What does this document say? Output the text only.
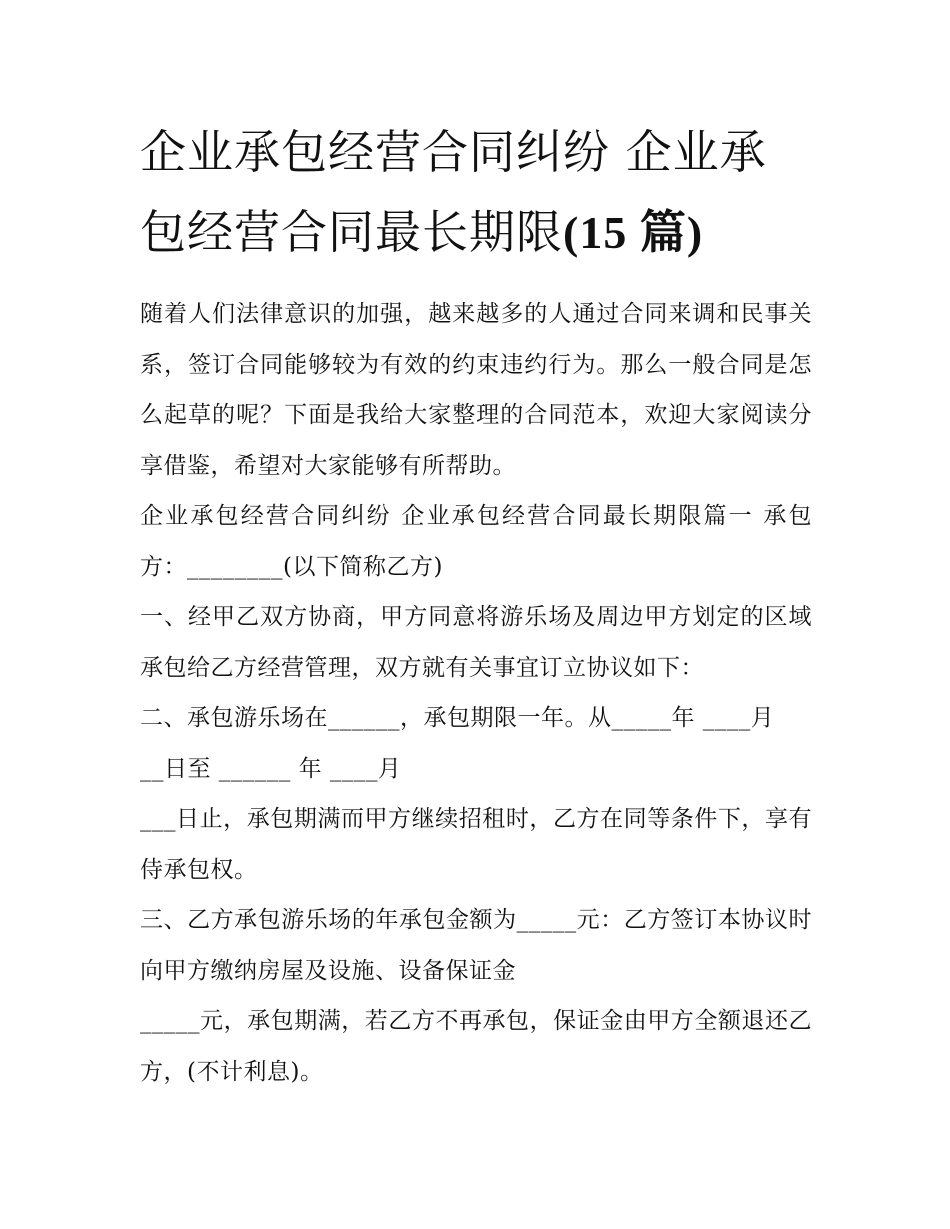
企业承包经营合同纠纷 企业承包经营合同最长期限(15 篇)

随着人们法律意识的加强，越来越多的人通过合同来调和民事关系，签订合同能够较为有效的约束违约行为。那么一般合同是怎么起草的呢？下面是我给大家整理的合同范本，欢迎大家阅读分享借鉴，希望对大家能够有所帮助。

企业承包经营合同纠纷 企业承包经营合同最长期限篇一 承包方：________(以下简称乙方)

一、经甲乙双方协商，甲方同意将游乐场及周边甲方划定的区域承包给乙方经营管理，双方就有关事宜订立协议如下：

二、承包游乐场在______，承包期限一年。从_____年 ____月

__日至 ______ 年 ____月

___日止，承包期满而甲方继续招租时，乙方在同等条件下，享有侍承包权。

三、乙方承包游乐场的年承包金额为_____元：乙方签订本协议时向甲方缴纳房屋及设施、设备保证金

_____元，承包期满，若乙方不再承包，保证金由甲方全额退还乙方，(不计利息)。
